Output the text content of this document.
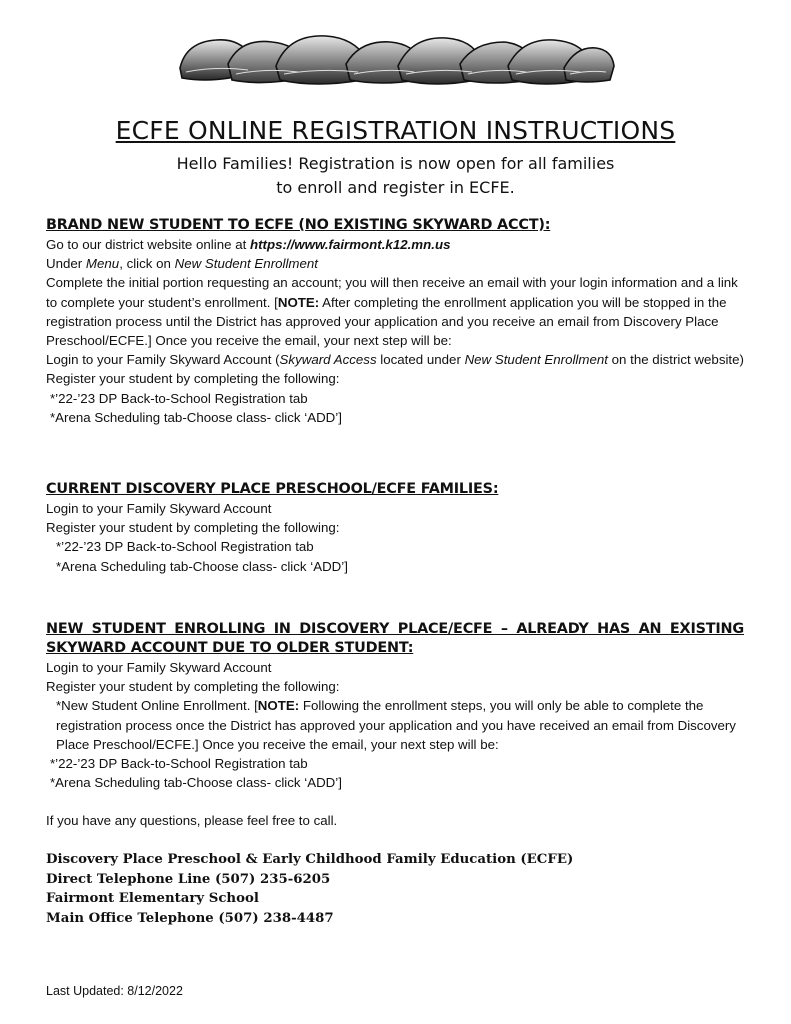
ECFE ONLINE REGISTRATION INSTRUCTIONS
Hello Families! Registration is now open for all families
to enroll and register in ECFE.
BRAND NEW STUDENT TO ECFE (NO EXISTING SKYWARD ACCT):
Go to our district website online at https://www.fairmont.k12.mn.us
Under Menu, click on New Student Enrollment
Complete the initial portion requesting an account; you will then receive an email with your login information and a link to complete your student’s enrollment. [NOTE: After completing the enrollment application you will be stopped in the registration process until the District has approved your application and you receive an email from Discovery Place Preschool/ECFE.] Once you receive the email, your next step will be:
Login to your Family Skyward Account (Skyward Access located under New Student Enrollment on the district website)
Register your student by completing the following:
*’22-’23 DP Back-to-School Registration tab
*Arena Scheduling tab-Choose class- click ‘ADD’]
CURRENT DISCOVERY PLACE PRESCHOOL/ECFE FAMILIES:
Login to your Family Skyward Account
Register your student by completing the following:
*’22-’23 DP Back-to-School Registration tab
*Arena Scheduling tab-Choose class- click ‘ADD’]
NEW STUDENT ENROLLING IN DISCOVERY PLACE/ECFE – ALREADY HAS AN EXISTING SKYWARD ACCOUNT DUE TO OLDER STUDENT:
Login to your Family Skyward Account
Register your student by completing the following:
*New Student Online Enrollment. [NOTE: Following the enrollment steps, you will only be able to complete the registration process once the District has approved your application and you have received an email from Discovery Place Preschool/ECFE.] Once you receive the email, your next step will be:
*’22-’23 DP Back-to-School Registration tab
*Arena Scheduling tab-Choose class- click ‘ADD’]
If you have any questions, please feel free to call.
Discovery Place Preschool & Early Childhood Family Education (ECFE)
Direct Telephone Line (507) 235-6205
Fairmont Elementary School
Main Office Telephone (507) 238-4487
Last Updated: 8/12/2022
